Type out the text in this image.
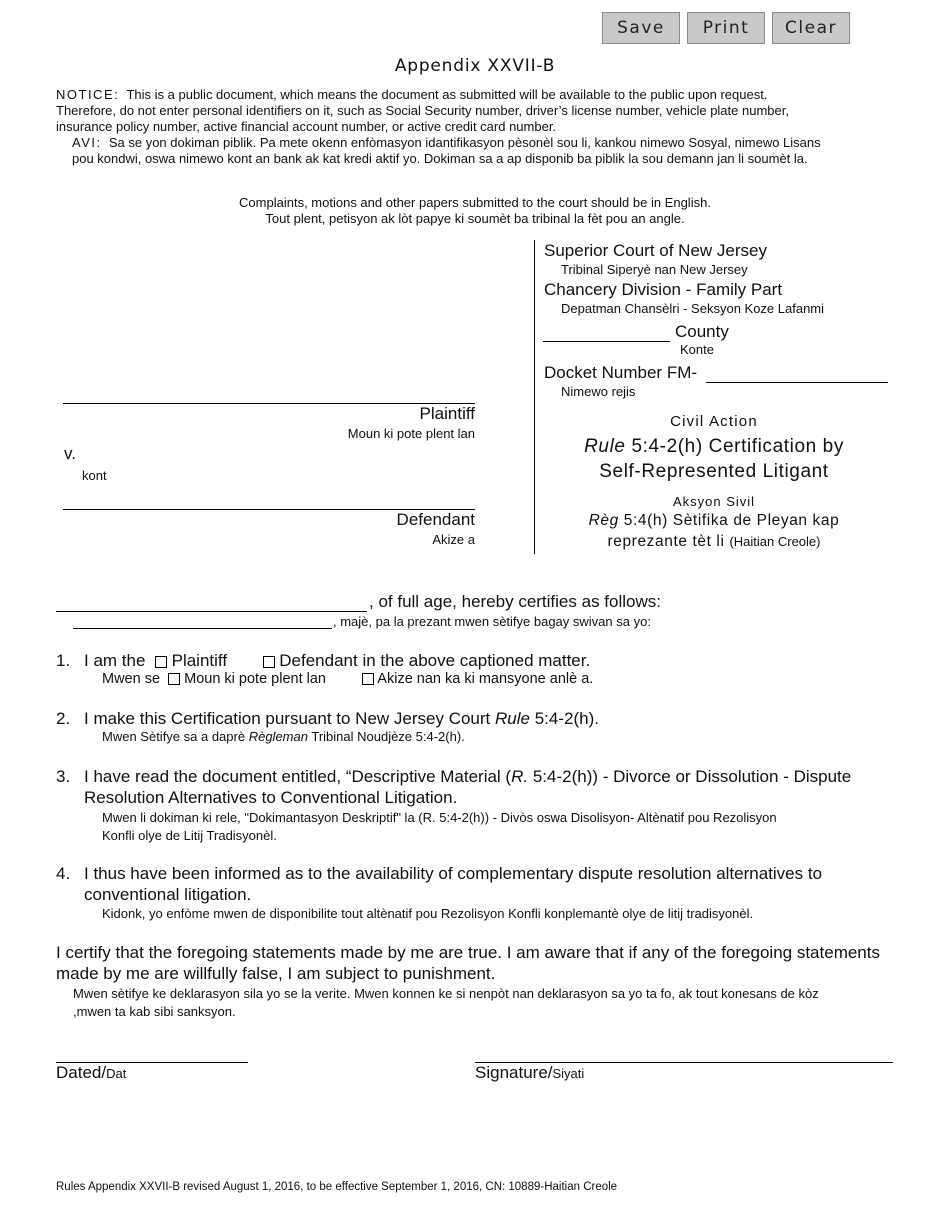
Save	Print	Clear
Appendix XXVII-B
NOTICE: This is a public document, which means the document as submitted will be available to the public upon request.
Therefore, do not enter personal identifiers on it, such as Social Security number, driver’s license number, vehicle plate number,
insurance policy number, active financial account number, or active credit card number.
AVI: Sa se yon dokiman piblik. Pa mete okenn enfòmasyon idantifikasyon pèsonèl sou li, kankou nimewo Sosyal, nimewo Lisans
pou kondwi, oswa nimewo kont an bank ak kat kredi aktif yo. Dokiman sa a ap disponib ba piblik la sou demann jan li soumèt la.
Complaints, motions and other papers submitted to the court should be in English.
Tout plent, petisyon ak lòt papye ki soumèt ba tribinal la fèt pou an angle.
Superior Court of New Jersey
Tribinal Siperyè nan New Jersey
Chancery Division - Family Part
Depatman Chansèlri - Seksyon Koze Lafanmi
County
Konte
Docket Number FM-
Nimewo rejis
Civil Action
Rule 5:4-2(h) Certification by
Self-Represented Litigant
Aksyon Sivil
Règ 5:4(h) Sètifika de Pleyan kap
reprezante tèt li (Haitian Creole)
Plaintiff
Moun ki pote plent lan
v.
kont
Defendant
Akize a
, of full age, hereby certifies as follows:
, majè, pa la prezant mwen sètifye bagay swivan sa yo:
1. I am the Plaintiff	Defendant in the above captioned matter.
Mwen se Moun ki pote plent lan	Akize nan ka ki mansyone anlè a.
2. I make this Certification pursuant to New Jersey Court Rule 5:4-2(h).
Mwen Sètifye sa a daprè Règleman Tribinal Noudjèze 5:4-2(h).
3. I have read the document entitled, “Descriptive Material (R. 5:4-2(h)) - Divorce or Dissolution - Dispute
Resolution Alternatives to Conventional Litigation.
Mwen li dokiman ki rele, "Dokimantasyon Deskriptif" la (R. 5:4-2(h)) - Divòs oswa Disolisyon- Altènatif pou Rezolisyon
Konfli olye de Litij Tradisyonèl.
4. I thus have been informed as to the availability of complementary dispute resolution alternatives to
conventional litigation.
Kidonk, yo enfòme mwen de disponibilite tout altènatif pou Rezolisyon Konfli konplemantè olye de litij tradisyonèl.
I certify that the foregoing statements made by me are true. I am aware that if any of the foregoing statements
made by me are willfully false, I am subject to punishment.
Mwen sètifye ke deklarasyon sila yo se la verite. Mwen konnen ke si nenpòt nan deklarasyon sa yo ta fo, ak tout konesans de kòz
,mwen ta kab sibi sanksyon.
Dated/Dat	Signature/Siyati
Rules Appendix XXVII-B revised August 1, 2016, to be effective September 1, 2016, CN: 10889-Haitian Creole
